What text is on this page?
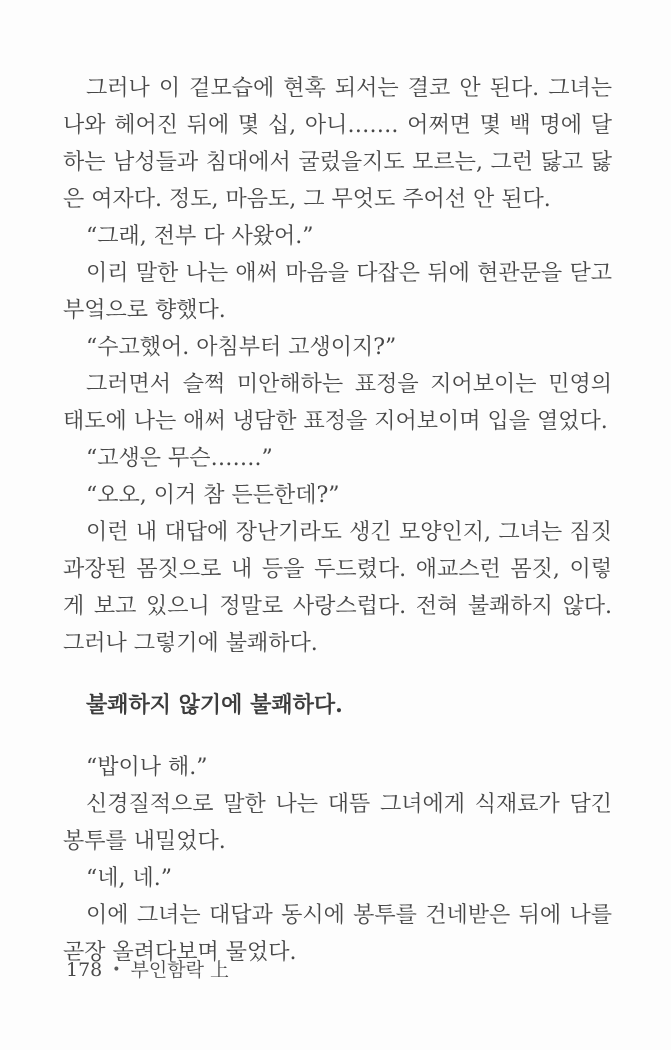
그러나 이 겉모습에 현혹 되서는 결코 안 된다. 그녀는 나와 헤어진 뒤에 몇 십, 아니……. 어쩌면 몇 백 명에 달하는 남성들과 침대에서 굴렀을지도 모르는, 그런 닳고 닳은 여자다. 정도, 마음도, 그 무엇도 주어선 안 된다.

“그래, 전부 다 사왔어.”

이리 말한 나는 애써 마음을 다잡은 뒤에 현관문을 닫고 부엌으로 향했다.

“수고했어. 아침부터 고생이지?”

그러면서 슬쩍 미안해하는 표정을 지어보이는 민영의 태도에 나는 애써 냉담한 표정을 지어보이며 입을 열었다.

“고생은 무슨…….”

“오오, 이거 참 든든한데?”

이런 내 대답에 장난기라도 생긴 모양인지, 그녀는 짐짓 과장된 몸짓으로 내 등을 두드렸다. 애교스런 몸짓, 이렇게 보고 있으니 정말로 사랑스럽다. 전혀 불쾌하지 않다. 그러나 그렇기에 불쾌하다.

불쾌하지 않기에 불쾌하다.

“밥이나 해.”

신경질적으로 말한 나는 대뜸 그녀에게 식재료가 담긴 봉투를 내밀었다.

“네, 네.”

이에 그녀는 대답과 동시에 봉투를 건네받은 뒤에 나를 곧장 올려다보며 물었다.

178 • 부인함락 上
